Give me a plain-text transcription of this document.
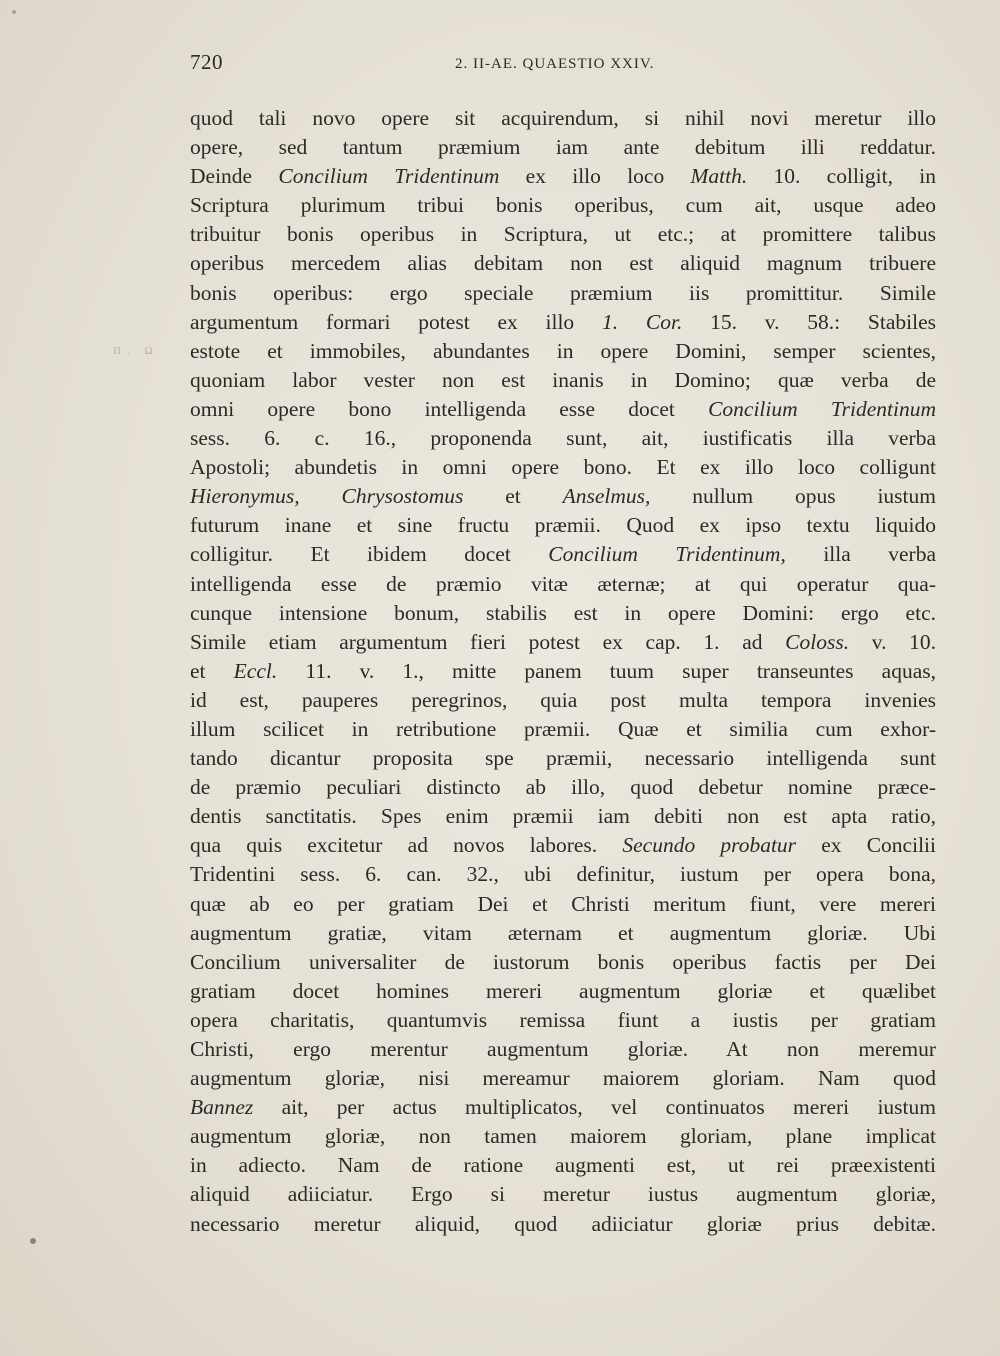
720	2. II-AE. QUAESTIO XXIV.
Π. Ω
quod tali novo opere sit acquirendum, si nihil novi meretur illo
opere, sed tantum præmium iam ante debitum illi reddatur.
Deinde Concilium Tridentinum ex illo loco Matth. 10. colligit, in
Scriptura plurimum tribui bonis operibus, cum ait, usque adeo
tribuitur bonis operibus in Scriptura, ut etc.; at promittere talibus
operibus mercedem alias debitam non est aliquid magnum tribuere
bonis operibus: ergo speciale præmium iis promittitur. Simile
argumentum formari potest ex illo 1. Cor. 15. v. 58.: Stabiles
estote et immobiles, abundantes in opere Domini, semper scientes,
quoniam labor vester non est inanis in Domino; quæ verba de
omni opere bono intelligenda esse docet Concilium Tridentinum
sess. 6. c. 16., proponenda sunt, ait, iustificatis illa verba
Apostoli; abundetis in omni opere bono. Et ex illo loco colligunt
Hieronymus, Chrysostomus et Anselmus, nullum opus iustum
futurum inane et sine fructu præmii. Quod ex ipso textu liquido
colligitur. Et ibidem docet Concilium Tridentinum, illa verba
intelligenda esse de præmio vitæ æternæ; at qui operatur qua-
cunque intensione bonum, stabilis est in opere Domini: ergo etc.
Simile etiam argumentum fieri potest ex cap. 1. ad Coloss. v. 10.
et Eccl. 11. v. 1., mitte panem tuum super transeuntes aquas,
id est, pauperes peregrinos, quia post multa tempora invenies
illum scilicet in retributione præmii. Quæ et similia cum exhor-
tando dicantur proposita spe præmii, necessario intelligenda sunt
de præmio peculiari distincto ab illo, quod debetur nomine præce-
dentis sanctitatis. Spes enim præmii iam debiti non est apta ratio,
qua quis excitetur ad novos labores. Secundo probatur ex Concilii
Tridentini sess. 6. can. 32., ubi definitur, iustum per opera bona,
quæ ab eo per gratiam Dei et Christi meritum fiunt, vere mereri
augmentum gratiæ, vitam æternam et augmentum gloriæ. Ubi
Concilium universaliter de iustorum bonis operibus factis per Dei
gratiam docet homines mereri augmentum gloriæ et quælibet
opera charitatis, quantumvis remissa fiunt a iustis per gratiam
Christi, ergo merentur augmentum gloriæ. At non meremur
augmentum gloriæ, nisi mereamur maiorem gloriam. Nam quod
Bannez ait, per actus multiplicatos, vel continuatos mereri iustum
augmentum gloriæ, non tamen maiorem gloriam, plane implicat
in adiecto. Nam de ratione augmenti est, ut rei præexistenti
aliquid adiiciatur. Ergo si meretur iustus augmentum gloriæ,
necessario meretur aliquid, quod adiiciatur gloriæ prius debitæ.
